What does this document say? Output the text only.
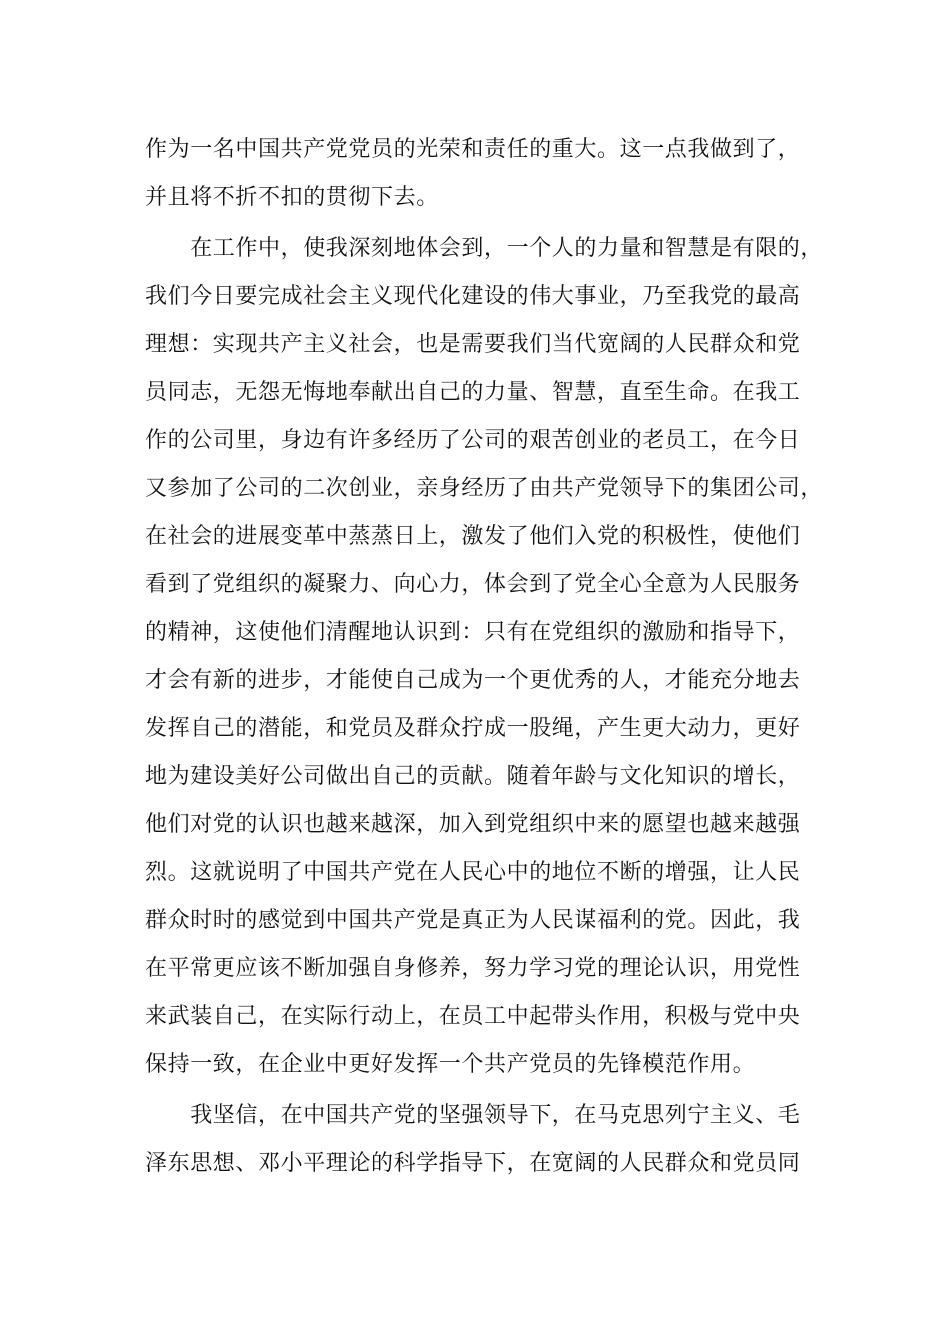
作为一名中国共产党党员的光荣和责任的重大。这一点我做到了，
并且将不折不扣的贯彻下去。
　　在工作中，使我深刻地体会到，一个人的力量和智慧是有限的，
我们今日要完成社会主义现代化建设的伟大事业，乃至我党的最高
理想：实现共产主义社会，也是需要我们当代宽阔的人民群众和党
员同志，无怨无悔地奉献出自己的力量、智慧，直至生命。在我工
作的公司里，身边有许多经历了公司的艰苦创业的老员工，在今日
又参加了公司的二次创业，亲身经历了由共产党领导下的集团公司，
在社会的进展变革中蒸蒸日上，激发了他们入党的积极性，使他们
看到了党组织的凝聚力、向心力，体会到了党全心全意为人民服务
的精神，这使他们清醒地认识到：只有在党组织的激励和指导下，
才会有新的进步，才能使自己成为一个更优秀的人，才能充分地去
发挥自己的潜能，和党员及群众拧成一股绳，产生更大动力，更好
地为建设美好公司做出自己的贡献。随着年龄与文化知识的增长，
他们对党的认识也越来越深，加入到党组织中来的愿望也越来越强
烈。这就说明了中国共产党在人民心中的地位不断的增强，让人民
群众时时的感觉到中国共产党是真正为人民谋福利的党。因此，我
在平常更应该不断加强自身修养，努力学习党的理论认识，用党性
来武装自己，在实际行动上，在员工中起带头作用，积极与党中央
保持一致，在企业中更好发挥一个共产党员的先锋模范作用。
　　我坚信，在中国共产党的坚强领导下，在马克思列宁主义、毛
泽东思想、邓小平理论的科学指导下，在宽阔的人民群众和党员同
